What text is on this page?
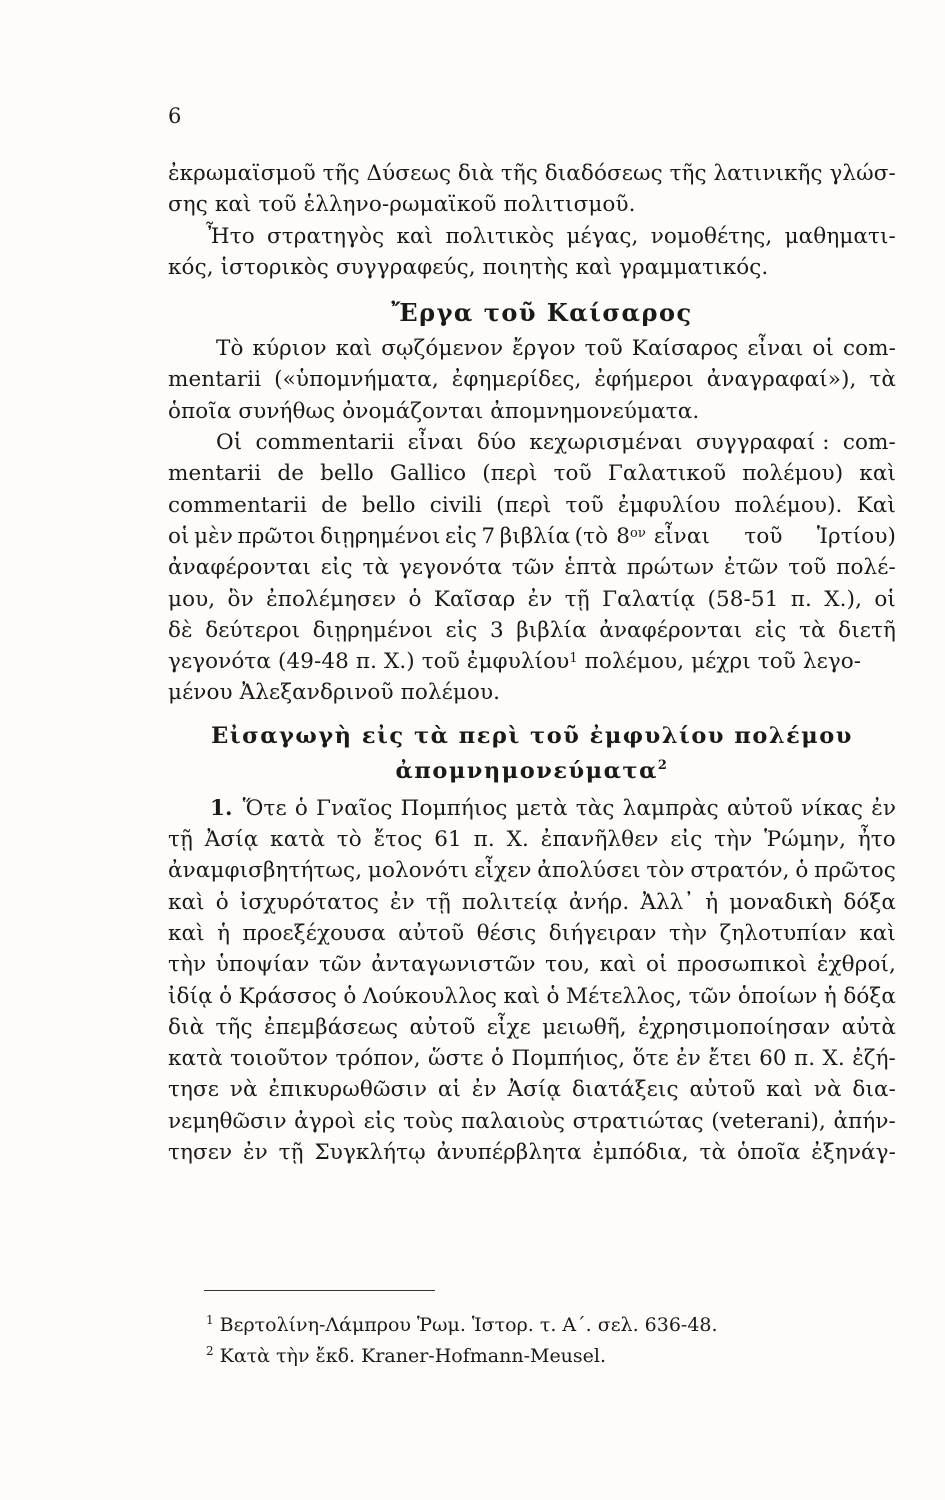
6
ἐκρωμαϊσμοῦ τῆς Δύσεως διὰ τῆς διαδόσεως τῆς λατινικῆς γλώσ-
σης καὶ τοῦ ἑλληνο-ρωμαϊκοῦ πολιτισμοῦ.
Ἦτο στρατηγὸς καὶ πολιτικὸς μέγας, νομοθέτης, μαθηματι-
κός, ἱστορικὸς συγγραφεύς, ποιητὴς καὶ γραμματικός.
Ἔργα τοῦ Καίσαρος
Τὸ κύριον καὶ σῳζόμενον ἔργον τοῦ Καίσαρος εἶναι οἱ com-
mentarii («ὑπομνήματα, ἐφημερίδες, ἐφήμεροι ἀναγραφαί»), τὰ
ὁποῖα συνήθως ὀνομάζονται ἀπομνημονεύματα.
Οἱ commentarii εἶναι δύο κεχωρισμέναι συγγραφαί : com-
mentarii de bello Gallico (περὶ τοῦ Γαλατικοῦ πολέμου) καὶ
commentarii de bello civili (περὶ τοῦ ἐμφυλίου πολέμου). Καὶ
οἱ μὲν πρῶτοι διῃρημένοι εἰς 7 βιβλία (τὸ $8^{o\nu}$ εἶναι τοῦ Ἱρτίου)
ἀναφέρονται εἰς τὰ γεγονότα τῶν ἑπτὰ πρώτων ἐτῶν τοῦ πολέ-
μου, ὃν ἐπολέμησεν ὁ Καῖσαρ ἐν τῇ Γαλατίᾳ (58-51 π. Χ.), οἱ
δὲ δεύτεροι διῃρημένοι εἰς 3 βιβλία ἀναφέρονται εἰς τὰ διετῆ
γεγονότα (49-48 π. Χ.) τοῦ ἐμφυλίου$^1$ πολέμου, μέχρι τοῦ λεγο-
μένου Ἀλεξανδρινοῦ πολέμου.
Εἰσαγωγὴ εἰς τὰ περὶ τοῦ ἐμφυλίου πολέμου
ἀπομνημονεύματα$^2$
1. Ὅτε ὁ Γναῖος Πομπήιος μετὰ τὰς λαμπρὰς αὐτοῦ νίκας ἐν
τῇ Ἀσίᾳ κατὰ τὸ ἔτος 61 π. Χ. ἐπανῆλθεν εἰς τὴν Ῥώμην, ἦτο
ἀναμφισβητήτως, μολονότι εἶχεν ἀπολύσει τὸν στρατόν, ὁ πρῶτος
καὶ ὁ ἰσχυρότατος ἐν τῇ πολιτείᾳ ἀνήρ. Ἀλλ᾽ ἡ μοναδικὴ δόξα
καὶ ἡ προεξέχουσα αὐτοῦ θέσις διήγειραν τὴν ζηλοτυπίαν καὶ
τὴν ὑποψίαν τῶν ἀνταγωνιστῶν του, καὶ οἱ προσωπικοὶ ἐχθροί,
ἰδίᾳ ὁ Κράσσος ὁ Λούκουλλος καὶ ὁ Μέτελλος, τῶν ὁποίων ἡ δόξα
διὰ τῆς ἐπεμβάσεως αὐτοῦ εἶχε μειωθῆ, ἐχρησιμοποίησαν αὐτὰ
κατὰ τοιοῦτον τρόπον, ὥστε ὁ Πομπήιος, ὅτε ἐν ἔτει 60 π. Χ. ἐζή-
τησε νὰ ἐπικυρωθῶσιν αἱ ἐν Ἀσίᾳ διατάξεις αὐτοῦ καὶ νὰ δια-
νεμηθῶσιν ἀγροὶ εἰς τοὺς παλαιοὺς στρατιώτας (veterani), ἀπήν-
τησεν ἐν τῇ Συγκλήτῳ ἀνυπέρβλητα ἐμπόδια, τὰ ὁποῖα ἐξηνάγ-
$^1$ Βερτολίνη-Λάμπρου Ῥωμ. Ἱστορ. τ. Α΄. σελ. 636-48.
$^2$ Κατὰ τὴν ἔκδ. Kraner-Hofmann-Meusel.
